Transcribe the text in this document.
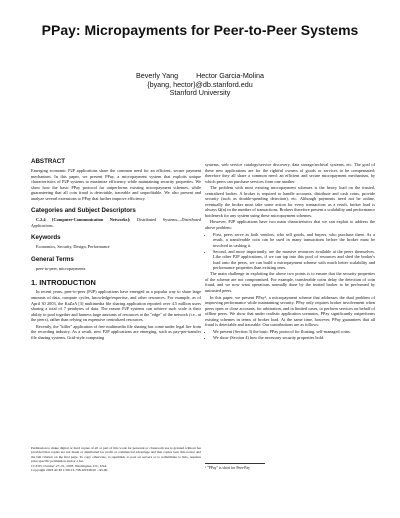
PPay: Micropayments for Peer-to-Peer Systems
Beverly Yang	Hector Garcia-Molina
{byang, hector}@db.stanford.edu
Stanford University
ABSTRACT

Emerging economic P2P applications share the common need for an efficient, secure payment mechanism. In this paper, we present PPay, a micropayment system that exploits unique characteristics of P2P systems to maximize efficiency while maintaining security properties. We show how the basic PPay protocol far outperforms existing micropayment schemes, while guaranteeing that all coin fraud is detectable, traceable and unprofitable. We also present and analyze several extensions to PPay that further improve efficiency.

Categories and Subject Descriptors

C.2.4 [Computer-Communication Networks]: Distributed Systems—Distributed Applications.

Keywords

Economics, Security, Design, Performance

General Terms

peer-to-peer, micropayments

1. INTRODUCTION

In recent years, peer-to-peer (P2P) applications have emerged as a popular way to share large amounts of data, compute cycles, knowledge/expertise, and other resources. For example, as of April 30 2003, the KaZaA [3] multimedia file sharing application reported over 4.5 million users sharing a total of 7 petabytes of data. The reason P2P systems can achieve such scale is their ability to pool together and harness large amounts of resources at the "edge" of the network (i.e., at the peers), rather than relying on expensive centralized resources.

Recently, the "killer" application of free multimedia file sharing has come under legal fire from the recording industry. As a result, new P2P applications are emerging, such as pay-per-transfer file sharing systems, Grid-style computing

Permission to make digital or hard copies of all or part of this work for personal or classroom use is granted without fee provided that copies are not made or distributed for profit or commercial advantage and that copies bear this notice and the full citation on the first page. To copy otherwise, to republish, to post on servers or to redistribute to lists, requires prior specific permission and/or a fee.
CCS'03, October 27–31, 2003, Washington, DC, USA.
Copyright 2003 ACM 1-58113-738-9/03/0010 ...$5.00.

systems, web service catalogs/service discovery, data storage/archival systems, etc. The goal of these new applications are for the rightful owners of goods or services to be compensated; therefore they all share a common need: an efficient and secure micropayment mechanism, by which peers can purchase services from one another.

The problem with most existing micropayment schemes is the heavy load on the trusted, centralized broker. A broker is required to handle accounts, distribute and cash coins, provide security (such as double-spending detection), etc. Although payments need not be online, eventually the broker must take some action for every transaction; as a result, broker load is always Ω(n) in the number of transactions. Brokers therefore present a scalability and performance bottleneck for any system using these micropayment schemes.

However, P2P applications have two main characteristics that we can exploit to address the above problem:

• First, peers serve as both vendors, who sell goods, and buyers, who purchase them. As a result, a transferable coin can be used in many transactions before the broker must be involved in cashing it.
• Second, and more importantly, are the massive resources available at the peers themselves. Like other P2P applications, if we can tap into this pool of resources and shed the broker's load onto the peers, we can build a micropayment scheme with much better scalability and performance properties than existing ones.

The main challenge in exploiting the above two points is to ensure that the security properties of the scheme are not compromised. For example, transferable coins delay the detection of coin fraud, and we now want operations normally done by the trusted broker to be performed by untrusted peers.

In this paper, we present PPay¹, a micropayment scheme that addresses the dual problem of improving performance while maintaining security. PPay only requires broker involvement when peers open or close accounts, for arbitration, and in limited cases, to perform services on behalf of offline peers. We show that under realistic application scenarios, PPay significantly outperforms existing schemes in terms of broker load. At the same time, however, PPay guarantees that all fraud is detectable and traceable. Our contributions are as follows:

• We present (Section 3) the basic PPay protocol for floating, self-managed coins.
• We show (Section 4) how the necessary security properties hold.
¹ "PPay" is short for Peer-Pay
